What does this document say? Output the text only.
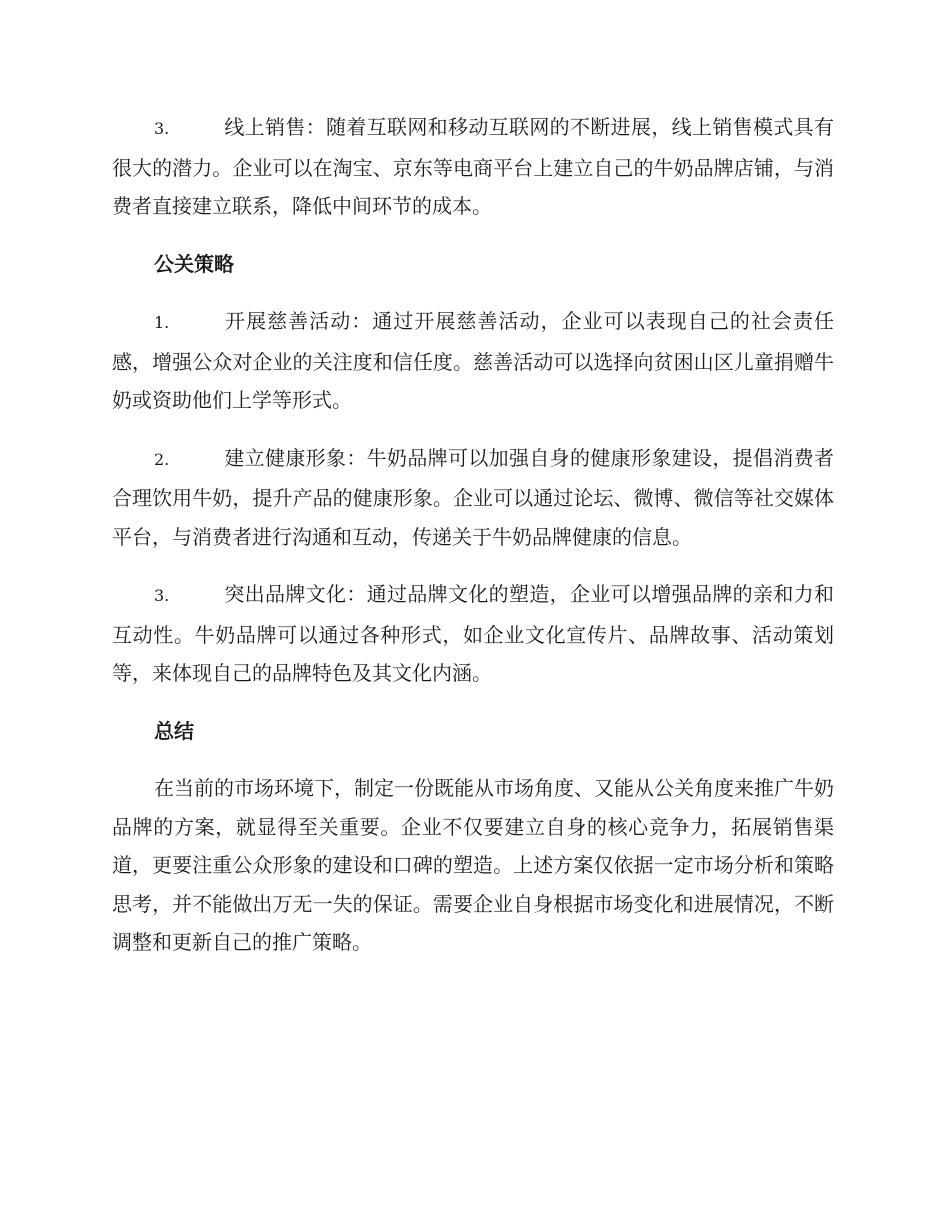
3.	线上销售：随着互联网和移动互联网的不断进展，线上销售模式具有很大的潜力。企业可以在淘宝、京东等电商平台上建立自己的牛奶品牌店铺，与消费者直接建立联系，降低中间环节的成本。

公关策略

1.	开展慈善活动：通过开展慈善活动，企业可以表现自己的社会责任感，增强公众对企业的关注度和信任度。慈善活动可以选择向贫困山区儿童捐赠牛奶或资助他们上学等形式。

2.	建立健康形象：牛奶品牌可以加强自身的健康形象建设，提倡消费者合理饮用牛奶，提升产品的健康形象。企业可以通过论坛、微博、微信等社交媒体平台，与消费者进行沟通和互动，传递关于牛奶品牌健康的信息。

3.	突出品牌文化：通过品牌文化的塑造，企业可以增强品牌的亲和力和互动性。牛奶品牌可以通过各种形式，如企业文化宣传片、品牌故事、活动策划等，来体现自己的品牌特色及其文化内涵。

总结

在当前的市场环境下，制定一份既能从市场角度、又能从公关角度来推广牛奶品牌的方案，就显得至关重要。企业不仅要建立自身的核心竞争力，拓展销售渠道，更要注重公众形象的建设和口碑的塑造。上述方案仅依据一定市场分析和策略思考，并不能做出万无一失的保证。需要企业自身根据市场变化和进展情况，不断调整和更新自己的推广策略。
